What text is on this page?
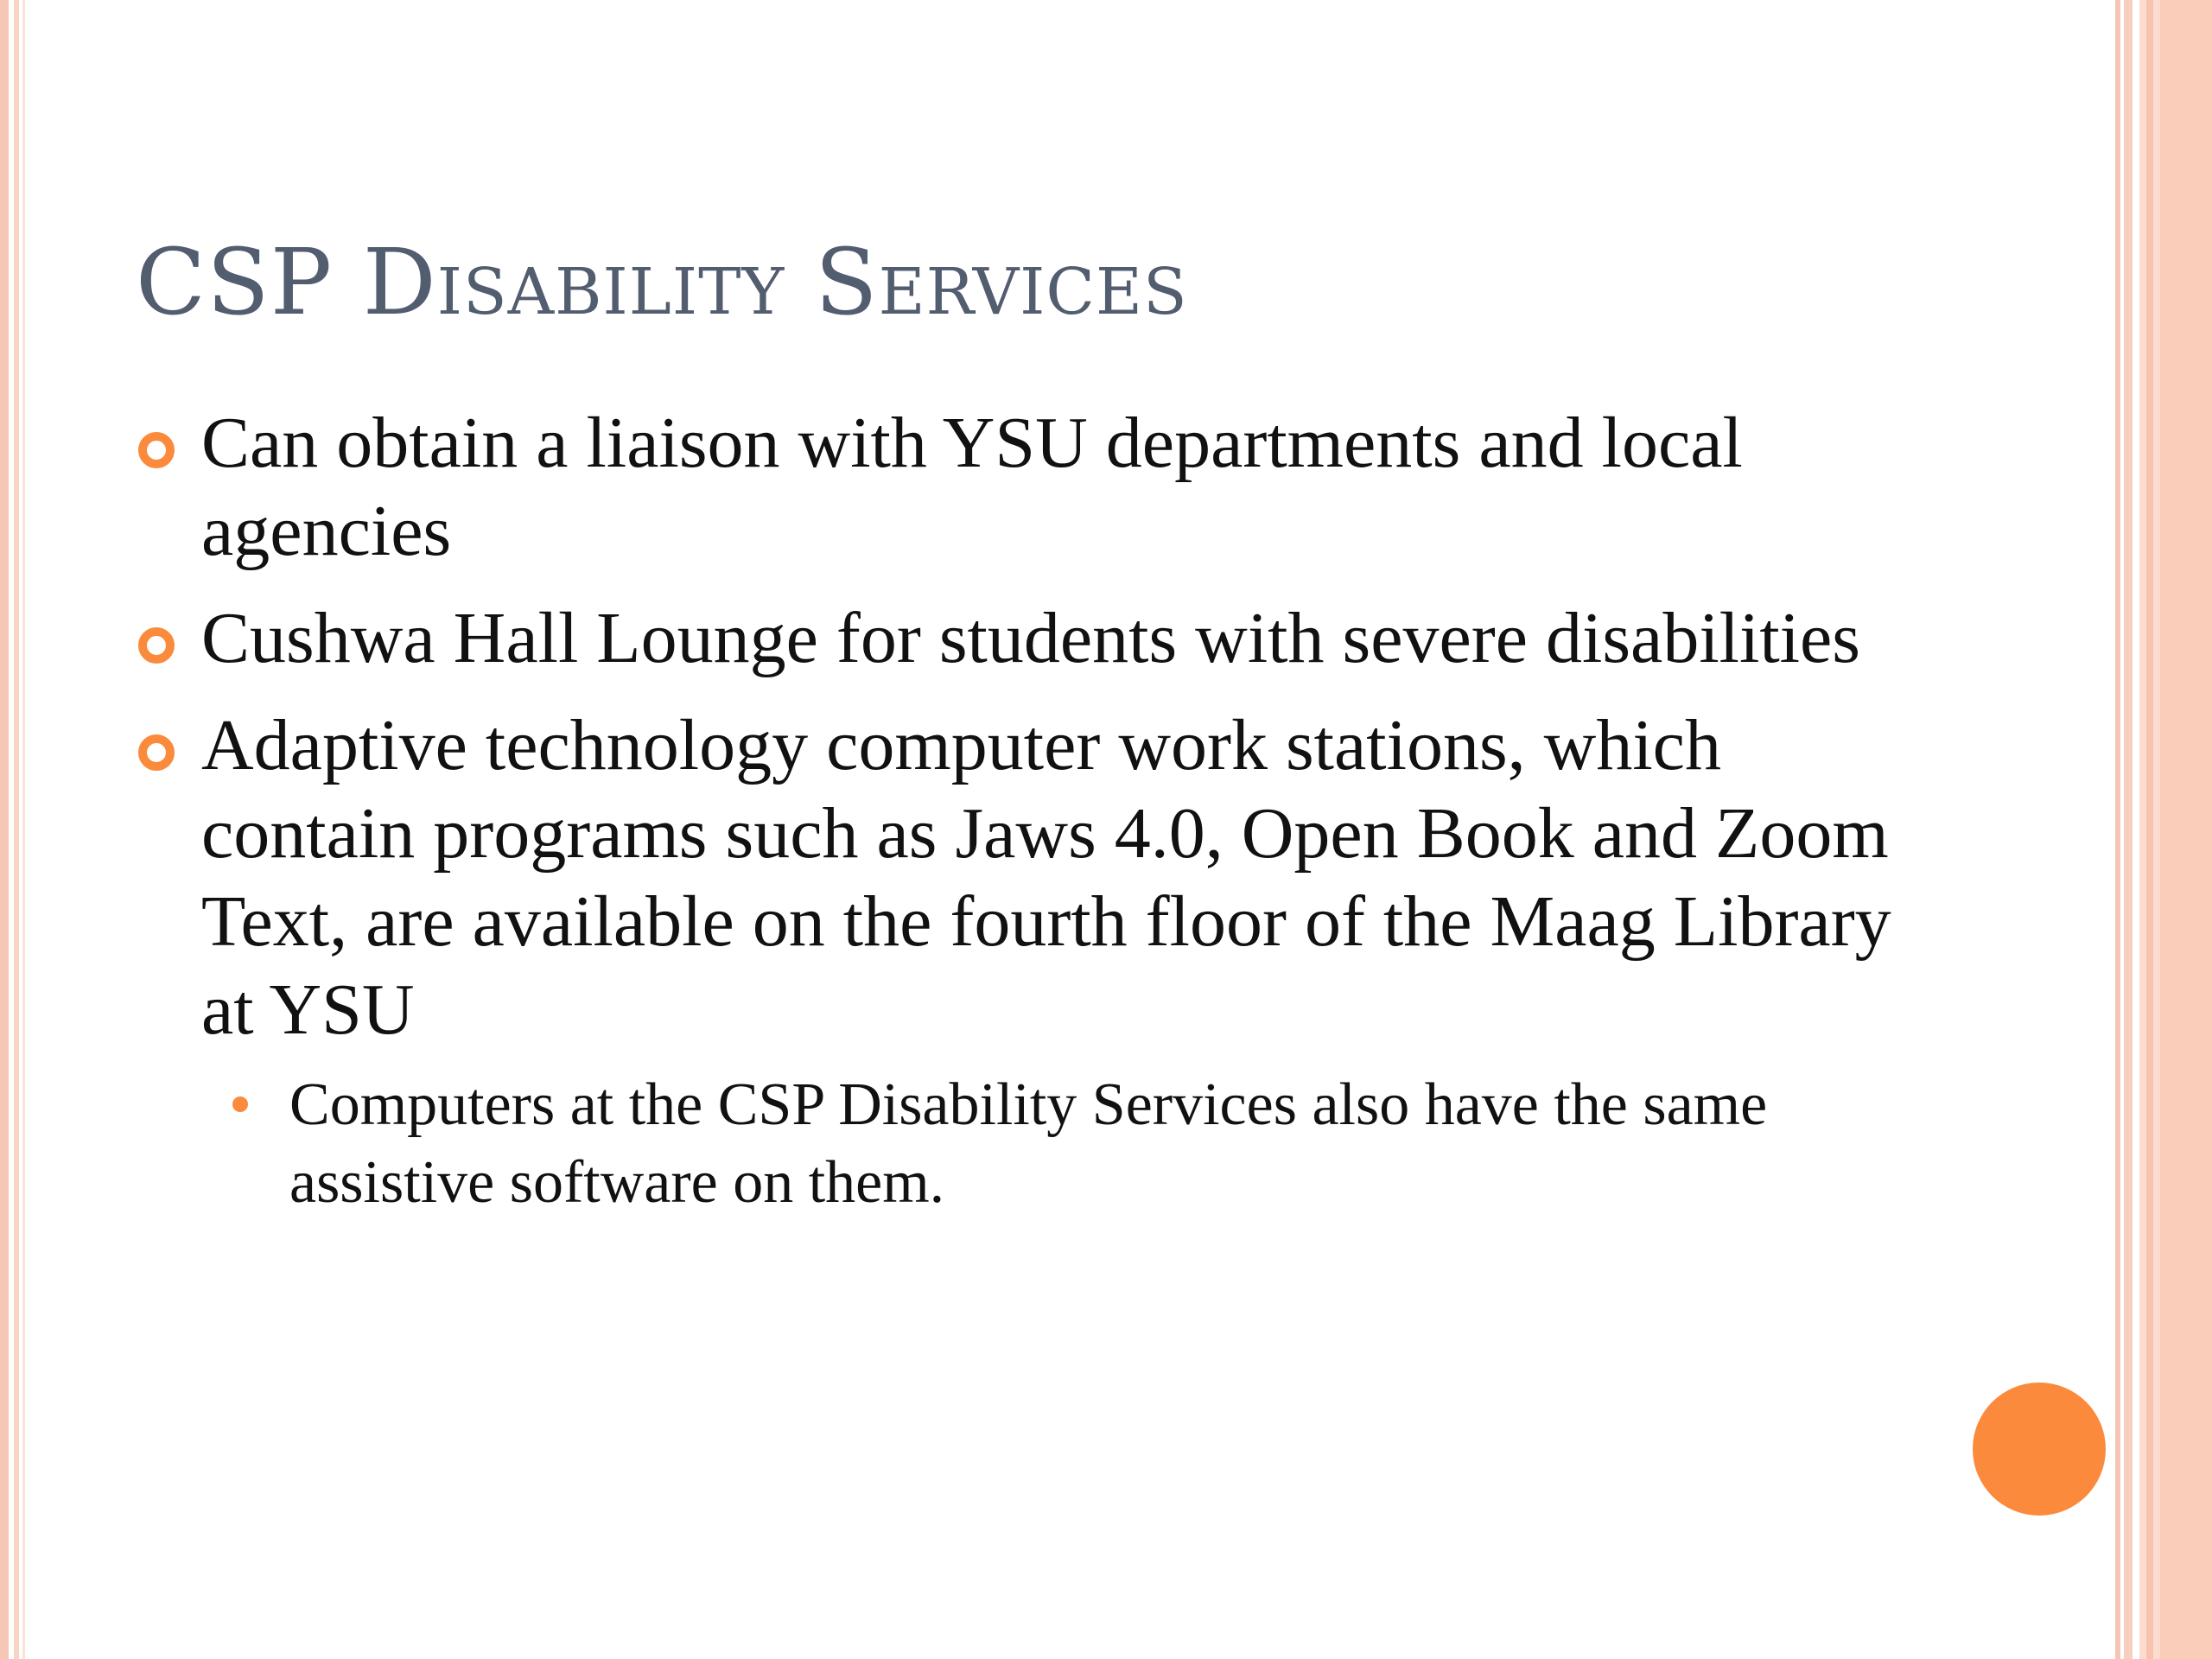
CSP Disability Services
Can obtain a liaison with YSU departments and local agencies
Cushwa Hall Lounge for students with severe disabilities
Adaptive technology computer work stations, which contain programs such as Jaws 4.0, Open Book and Zoom Text, are available on the fourth floor of the Maag Library at YSU
Computers at the CSP Disability Services also have the same assistive software on them.
